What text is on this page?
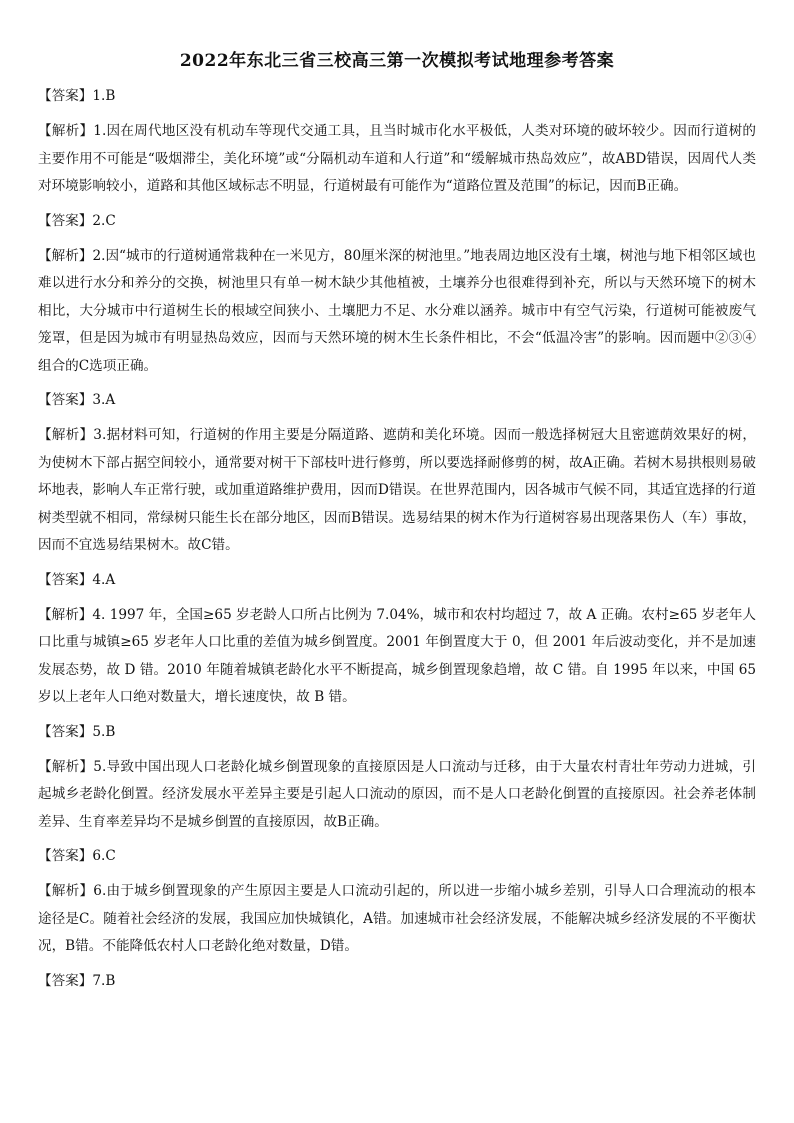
2022年东北三省三校高三第一次模拟考试地理参考答案

【答案】1.B

【解析】1.因在周代地区没有机动车等现代交通工具，且当时城市化水平极低，人类对环境的破坏较少。因而行道树的主要作用不可能是“吸烟滞尘，美化环境”或“分隔机动车道和人行道”和“缓解城市热岛效应”，故ABD错误，因周代人类对环境影响较小，道路和其他区域标志不明显，行道树最有可能作为“道路位置及范围”的标记，因而B正确。

【答案】2.C

【解析】2.因“城市的行道树通常栽种在一米见方，80厘米深的树池里。”地表周边地区没有土壤，树池与地下相邻区域也难以进行水分和养分的交换，树池里只有单一树木缺少其他植被，土壤养分也很难得到补充，所以与天然环境下的树木相比，大分城市中行道树生长的根域空间狭小、土壤肥力不足、水分难以涵养。城市中有空气污染，行道树可能被废气笼罩，但是因为城市有明显热岛效应，因而与天然环境的树木生长条件相比，不会“低温冷害”的影响。因而题中②③④组合的C选项正确。

【答案】3.A

【解析】3.据材料可知，行道树的作用主要是分隔道路、遮荫和美化环境。因而一般选择树冠大且密遮荫效果好的树，为使树木下部占据空间较小，通常要对树干下部枝叶进行修剪，所以要选择耐修剪的树，故A正确。若树木易拱根则易破坏地表，影响人车正常行驶，或加重道路维护费用，因而D错误。在世界范围内，因各城市气候不同，其适宜选择的行道树类型就不相同，常绿树只能生长在部分地区，因而B错误。选易结果的树木作为行道树容易出现落果伤人（车）事故，因而不宜选易结果树木。故C错。

【答案】4.A

【解析】4. 1997 年，全国≥65 岁老龄人口所占比例为 7.04%，城市和农村均超过 7，故 A 正确。农村≥65 岁老年人口比重与城镇≥65 岁老年人口比重的差值为城乡倒置度。2001 年倒置度大于 0，但 2001 年后波动变化，并不是加速发展态势，故 D 错。2010 年随着城镇老龄化水平不断提高，城乡倒置现象趋增，故 C 错。自 1995 年以来，中国 65 岁以上老年人口绝对数量大，增长速度快，故 B 错。

【答案】5.B

【解析】5.导致中国出现人口老龄化城乡倒置现象的直接原因是人口流动与迁移，由于大量农村青壮年劳动力进城，引起城乡老龄化倒置。经济发展水平差异主要是引起人口流动的原因，而不是人口老龄化倒置的直接原因。社会养老体制差异、生育率差异均不是城乡倒置的直接原因，故B正确。

【答案】6.C

【解析】6.由于城乡倒置现象的产生原因主要是人口流动引起的，所以进一步缩小城乡差别，引导人口合理流动的根本途径是C。随着社会经济的发展，我国应加快城镇化，A错。加速城市社会经济发展，不能解决城乡经济发展的不平衡状况，B错。不能降低农村人口老龄化绝对数量，D错。

【答案】7.B
